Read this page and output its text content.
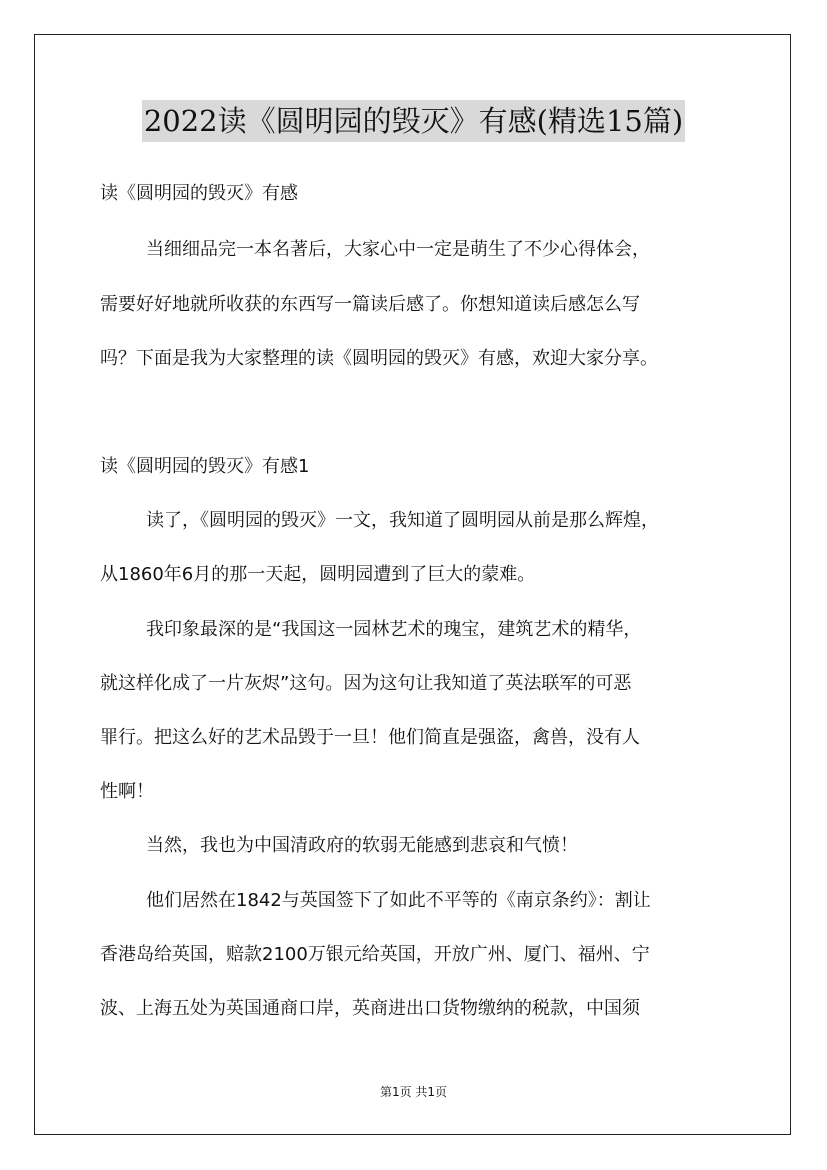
2022读《圆明园的毁灭》有感(精选15篇)
读《圆明园的毁灭》有感
当细细品完一本名著后，大家心中一定是萌生了不少心得体会，
需要好好地就所收获的东西写一篇读后感了。你想知道读后感怎么写
吗？下面是我为大家整理的读《圆明园的毁灭》有感，欢迎大家分享。
读《圆明园的毁灭》有感1
读了，《圆明园的毁灭》一文，我知道了圆明园从前是那么辉煌，
从1860年6月的那一天起，圆明园遭到了巨大的蒙难。
我印象最深的是“我国这一园林艺术的瑰宝，建筑艺术的精华，
就这样化成了一片灰烬”这句。因为这句让我知道了英法联军的可恶
罪行。把这么好的艺术品毁于一旦！他们简直是强盗，禽兽，没有人
性啊！
当然，我也为中国清政府的软弱无能感到悲哀和气愤！
他们居然在1842与英国签下了如此不平等的《南京条约》：割让
香港岛给英国，赔款2100万银元给英国，开放广州、厦门、福州、宁
波、上海五处为英国通商口岸，英商进出口货物缴纳的税款，中国须
第1页 共1页
